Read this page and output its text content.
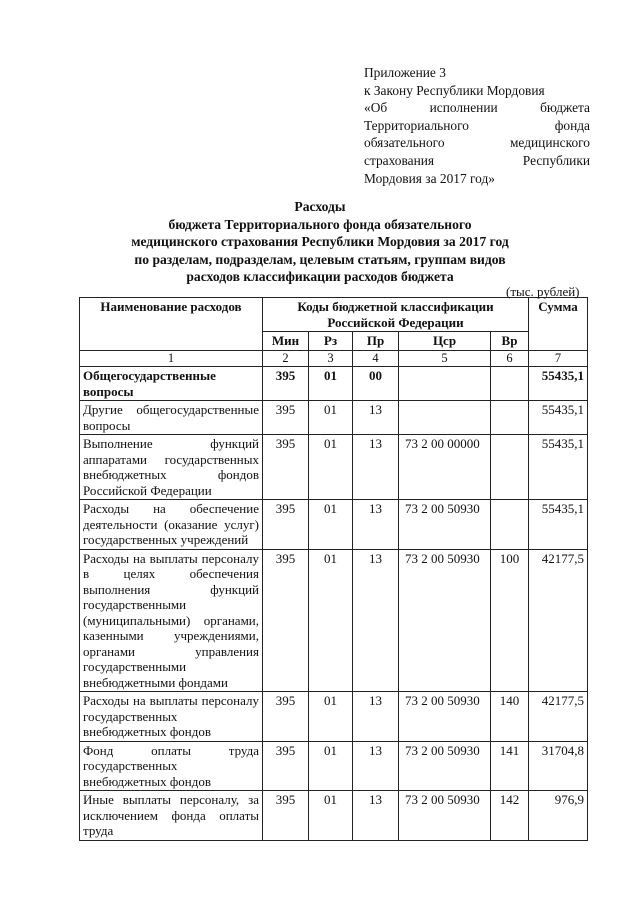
Приложение 3
к Закону Республики Мордовия
«Об исполнении бюджета
Территориального фонда
обязательного медицинского
страхования Республики
Мордовия за 2017 год»
Расходы
бюджета Территориального фонда обязательного
медицинского страхования Республики Мордовия за 2017 год
по разделам, подразделам, целевым статьям, группам видов
расходов классификации расходов бюджета
(тыс. рублей)
Наименование расходов	Коды бюджетной классификации Российской Федерации					Сумма
	Мин	Рз	Пр	Цср	Вр	
1	2	3	4	5	6	7
Общегосударственные вопросы	395	01	00			55435,1
Другие общегосударственные вопросы	395	01	13			55435,1
Выполнение функций аппаратами государственных внебюджетных фондов Российской Федерации	395	01	13	73 2 00 00000		55435,1
Расходы на обеспечение деятельности (оказание услуг) государственных учреждений	395	01	13	73 2 00 50930		55435,1
Расходы на выплаты персоналу в целях обеспечения выполнения функций государственными (муниципальными) органами, казенными учреждениями, органами управления государственными внебюджетными фондами	395	01	13	73 2 00 50930	100	42177,5
Расходы на выплаты персоналу государственных внебюджетных фондов	395	01	13	73 2 00 50930	140	42177,5
Фонд оплаты труда государственных внебюджетных фондов	395	01	13	73 2 00 50930	141	31704,8
Иные выплаты персоналу, за исключением фонда оплаты труда	395	01	13	73 2 00 50930	142	976,9
